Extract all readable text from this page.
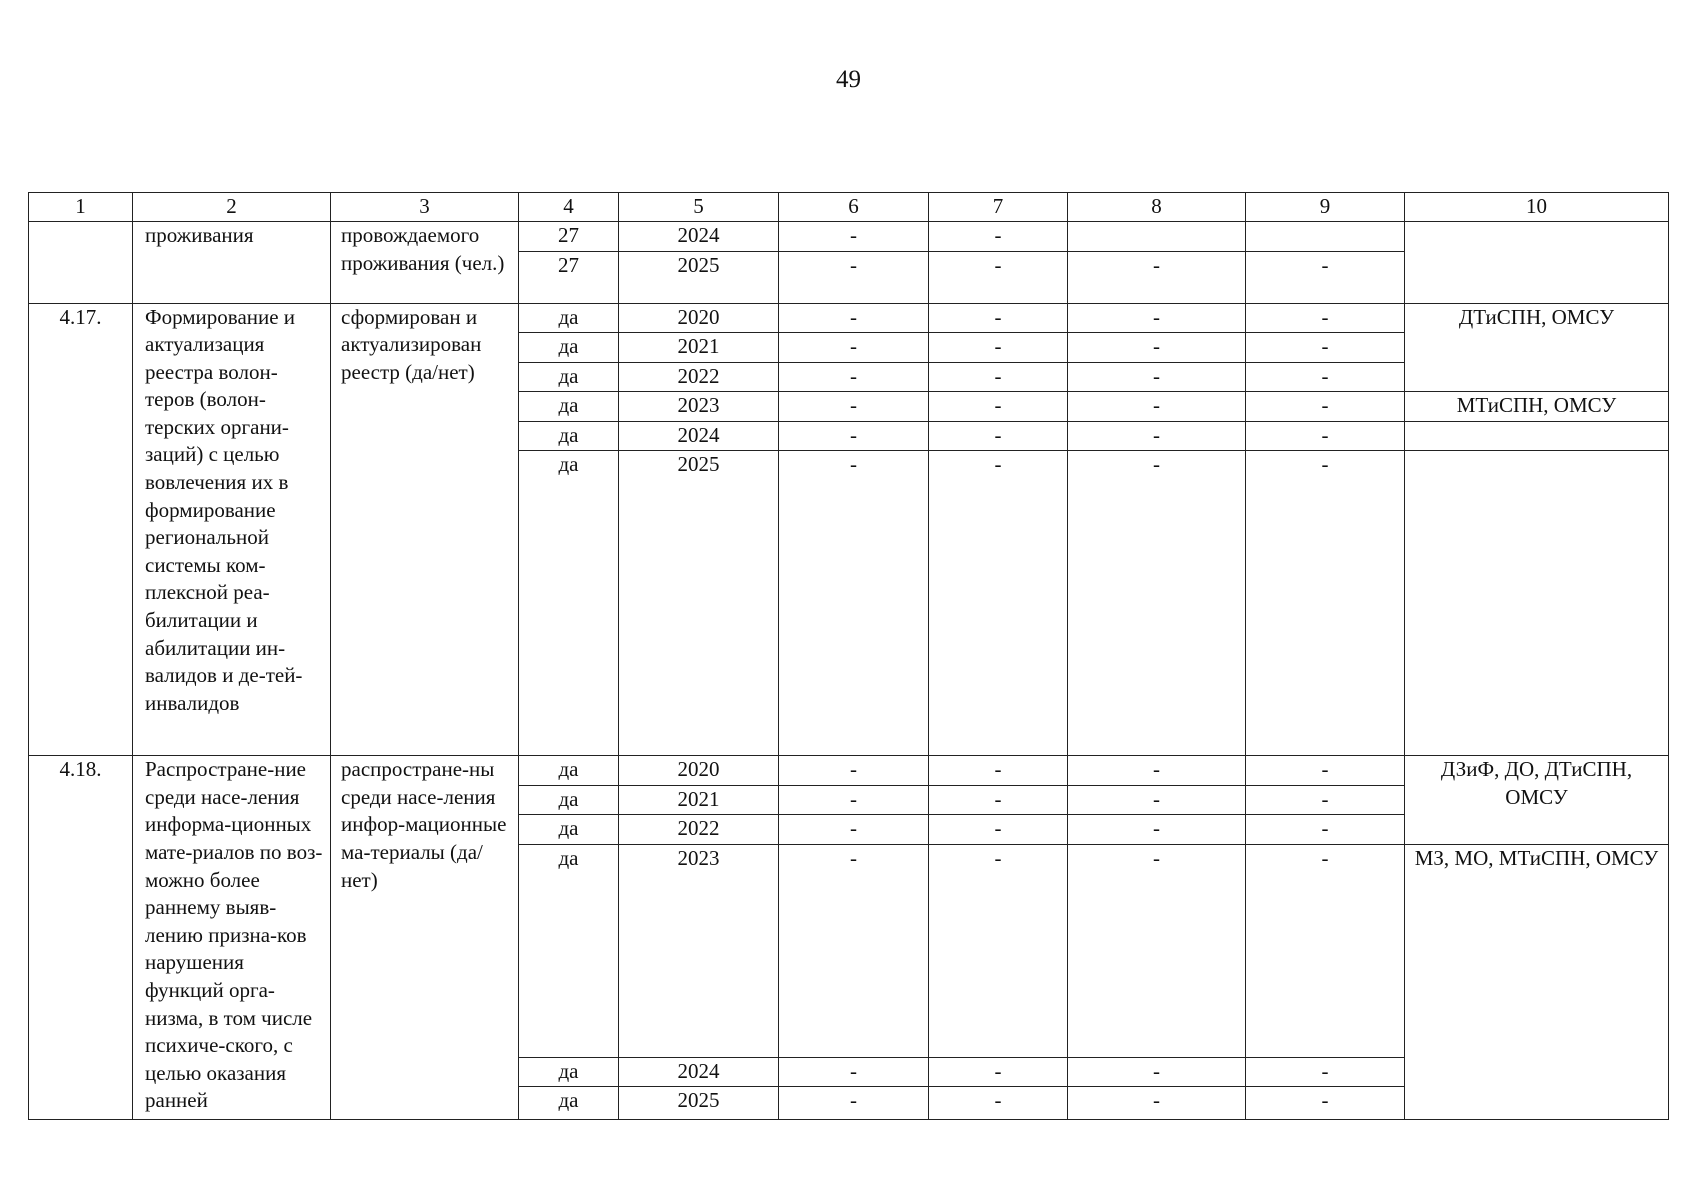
49
1	2	3	4	5	6	7	8	9	10
	проживания	провождаемого проживания (чел.)	27	2024	-	-			
			27	2025	-	-	-	-	
4.17.	Формирование и актуализация реестра волон-теров (волон-терских органи-заций) с целью вовлечения их в формирование региональной системы ком-плексной реа-билитации и абилитации ин-валидов и де-тей-инвалидов	сформирован и актуализирован реестр (да/нет)	да	2020	-	-	-	-	ДТиСПН, ОМСУ
			да	2021	-	-	-	-	
			да	2022	-	-	-	-	
			да	2023	-	-	-	-	МТиСПН, ОМСУ
			да	2024	-	-	-	-	
			да	2025	-	-	-	-	
4.18.	Распростране-ние среди насе-ления информа-ционных мате-риалов по воз-можно более раннему выяв-лению призна-ков нарушения функций орга-низма, в том числе психиче-ского, с целью оказания ранней	распростране-ны среди насе-ления инфор-мационные ма-териалы (да/нет)	да	2020	-	-	-	-	ДЗиФ, ДО, ДТиСПН, ОМСУ
			да	2021	-	-	-	-	
			да	2022	-	-	-	-	
			да	2023	-	-	-	-	МЗ, МО, МТиСПН, ОМСУ
			да	2024	-	-	-	-	
			да	2025	-	-	-	-	
